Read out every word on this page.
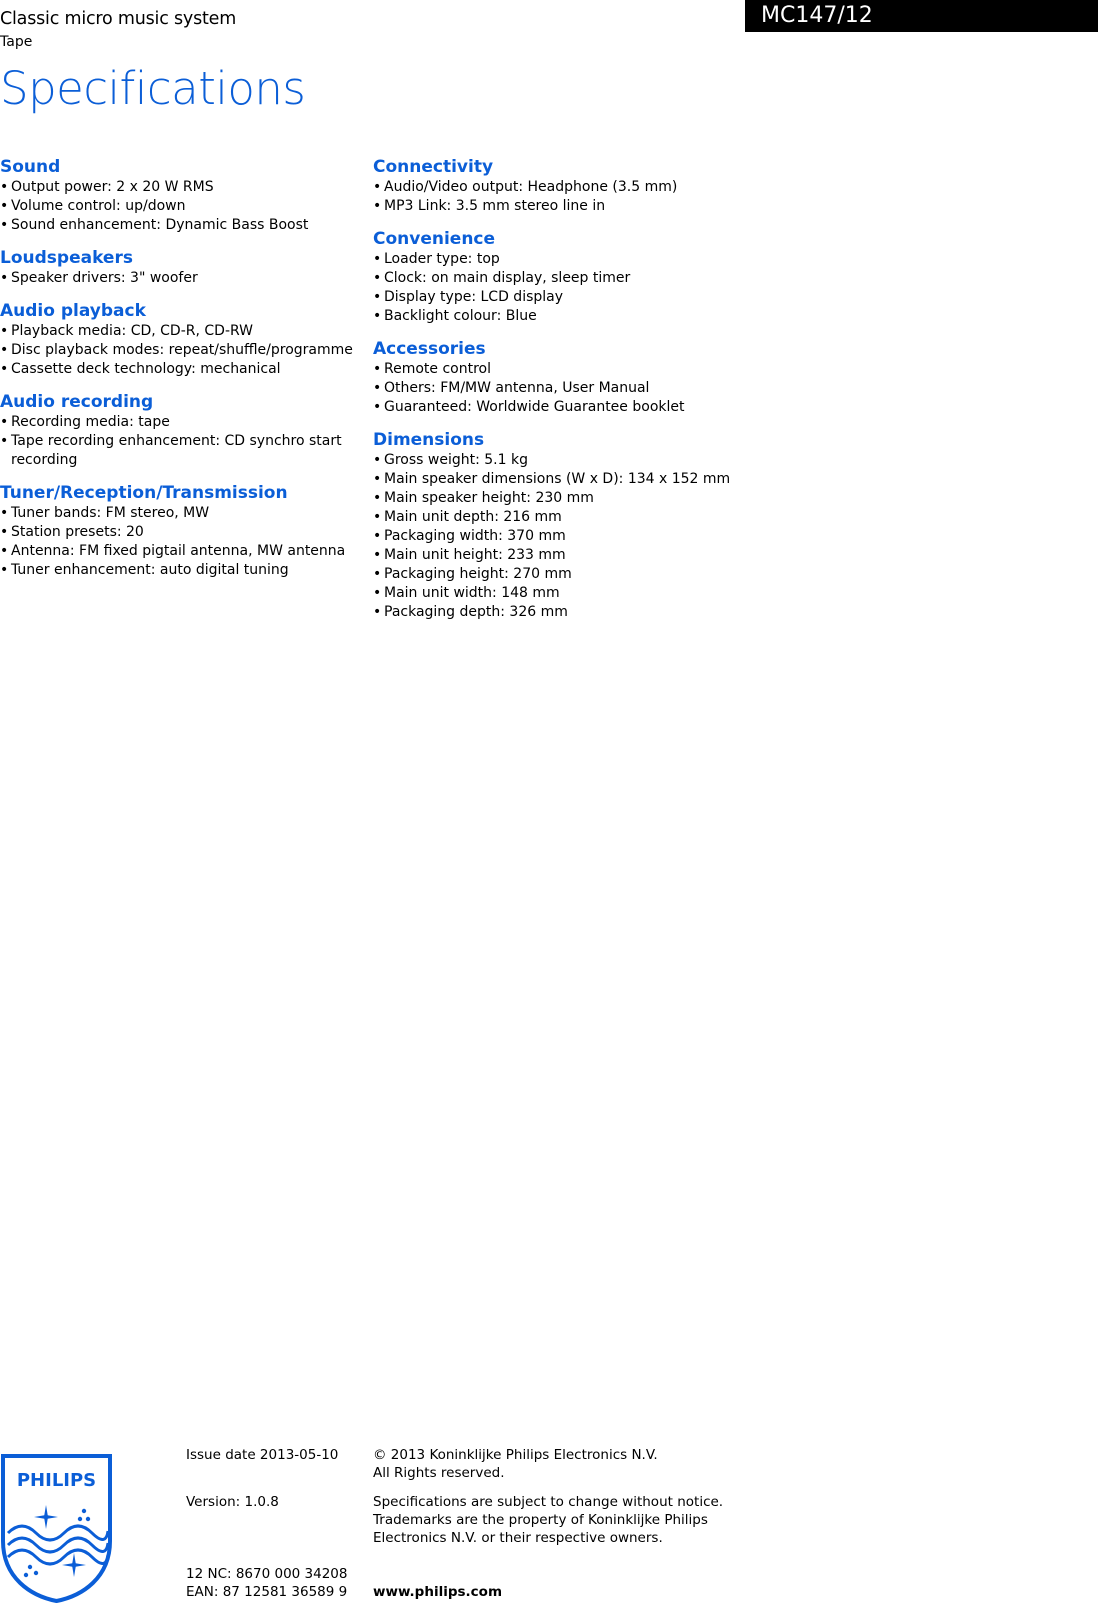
Classic micro music system
Tape
MC147/12
Specifications
Sound
• Output power: 2 x 20 W RMS
• Volume control: up/down
• Sound enhancement: Dynamic Bass Boost
Loudspeakers
• Speaker drivers: 3" woofer
Audio playback
• Playback media: CD, CD-R, CD-RW
• Disc playback modes: repeat/shuffle/programme
• Cassette deck technology: mechanical
Audio recording
• Recording media: tape
• Tape recording enhancement: CD synchro start recording
Tuner/Reception/Transmission
• Tuner bands: FM stereo, MW
• Station presets: 20
• Antenna: FM fixed pigtail antenna, MW antenna
• Tuner enhancement: auto digital tuning
Connectivity
• Audio/Video output: Headphone (3.5 mm)
• MP3 Link: 3.5 mm stereo line in
Convenience
• Loader type: top
• Clock: on main display, sleep timer
• Display type: LCD display
• Backlight colour: Blue
Accessories
• Remote control
• Others: FM/MW antenna, User Manual
• Guaranteed: Worldwide Guarantee booklet
Dimensions
• Gross weight: 5.1 kg
• Main speaker dimensions (W x D): 134 x 152 mm
• Main speaker height: 230 mm
• Main unit depth: 216 mm
• Packaging width: 370 mm
• Main unit height: 233 mm
• Packaging height: 270 mm
• Main unit width: 148 mm
• Packaging depth: 326 mm
PHILIPS
Issue date 2013-05-10
Version: 1.0.8
12 NC: 8670 000 34208
EAN: 87 12581 36589 9
© 2013 Koninklijke Philips Electronics N.V.
All Rights reserved.
Specifications are subject to change without notice.
Trademarks are the property of Koninklijke Philips
Electronics N.V. or their respective owners.
www.philips.com
